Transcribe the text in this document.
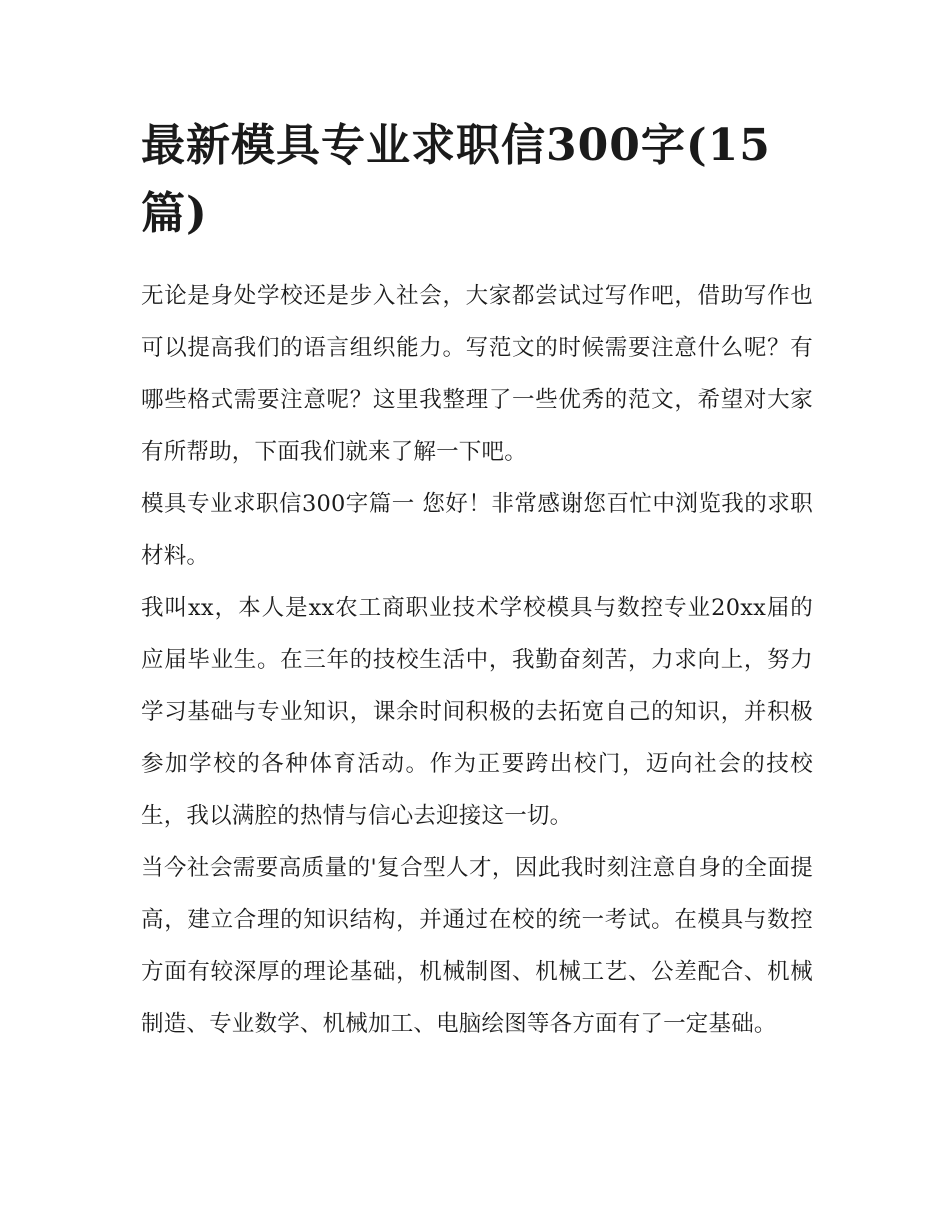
最新模具专业求职信300字(15篇)

无论是身处学校还是步入社会，大家都尝试过写作吧，借助写作也可以提高我们的语言组织能力。写范文的时候需要注意什么呢？有哪些格式需要注意呢？这里我整理了一些优秀的范文，希望对大家有所帮助，下面我们就来了解一下吧。

模具专业求职信300字篇一 您好！非常感谢您百忙中浏览我的求职材料。

我叫xx，本人是xx农工商职业技术学校模具与数控专业20xx届的应届毕业生。在三年的技校生活中，我勤奋刻苦，力求向上，努力学习基础与专业知识，课余时间积极的去拓宽自己的知识，并积极参加学校的各种体育活动。作为正要跨出校门，迈向社会的技校生，我以满腔的热情与信心去迎接这一切。

当今社会需要高质量的'复合型人才，因此我时刻注意自身的全面提高，建立合理的知识结构，并通过在校的统一考试。在模具与数控方面有较深厚的理论基础，机械制图、机械工艺、公差配合、机械制造、专业数学、机械加工、电脑绘图等各方面有了一定基础。
